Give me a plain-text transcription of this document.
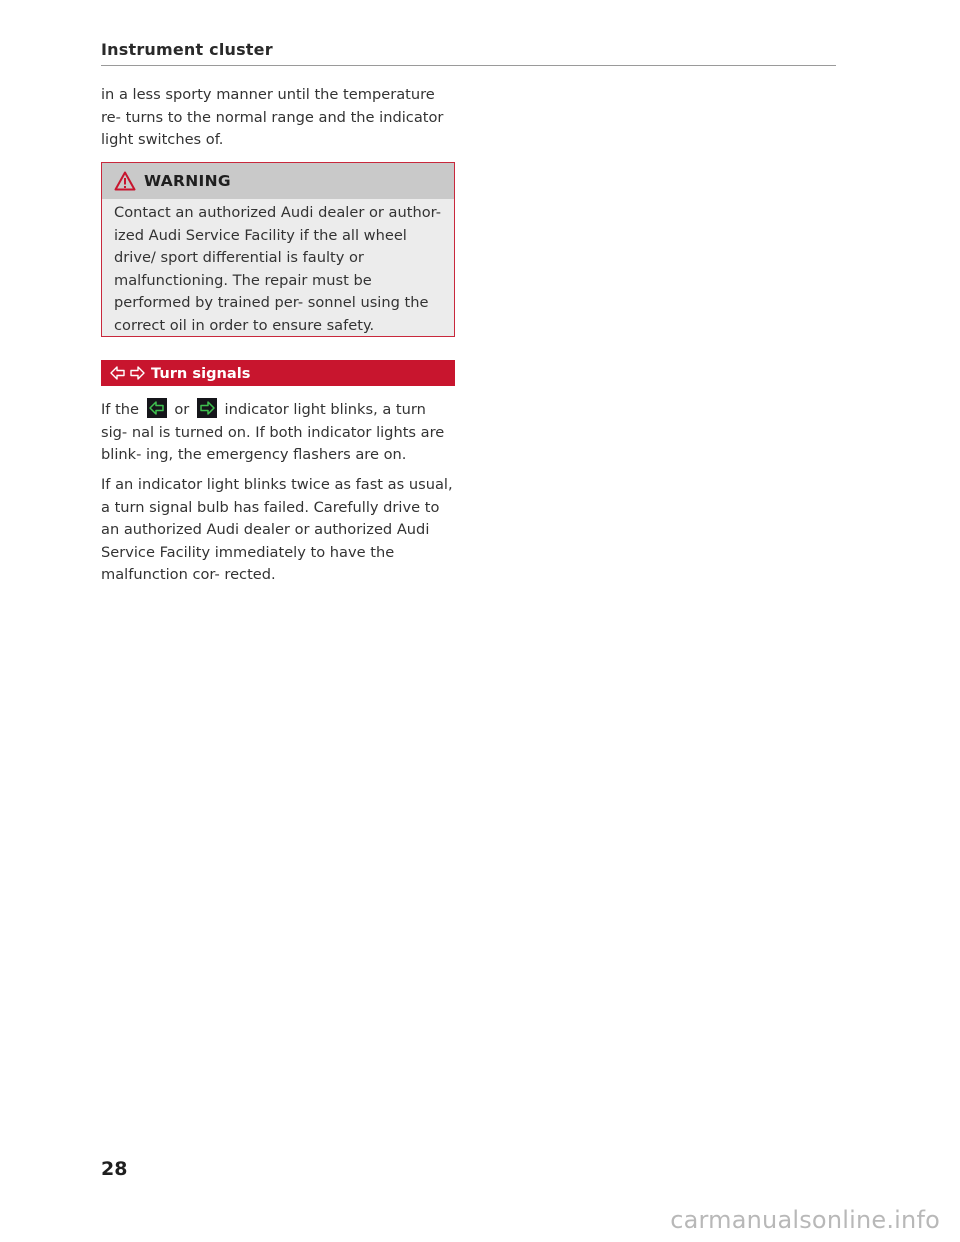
Instrument cluster

in a less sporty manner until the temperature re- turns to the normal range and the indicator light switches of.

WARNING
Contact an authorized Audi dealer or author- ized Audi Service Facility if the all wheel drive/ sport differential is faulty or malfunctioning. The repair must be performed by trained per- sonnel using the correct oil in order to ensure safety.
Turn signals

If the or indicator light blinks, a turn sig- nal is turned on. If both indicator lights are blink- ing, the emergency flashers are on.

If an indicator light blinks twice as fast as usual, a turn signal bulb has failed. Carefully drive to an authorized Audi dealer or authorized Audi Service Facility immediately to have the malfunction cor- rected.

28
carmanualsonline.info
